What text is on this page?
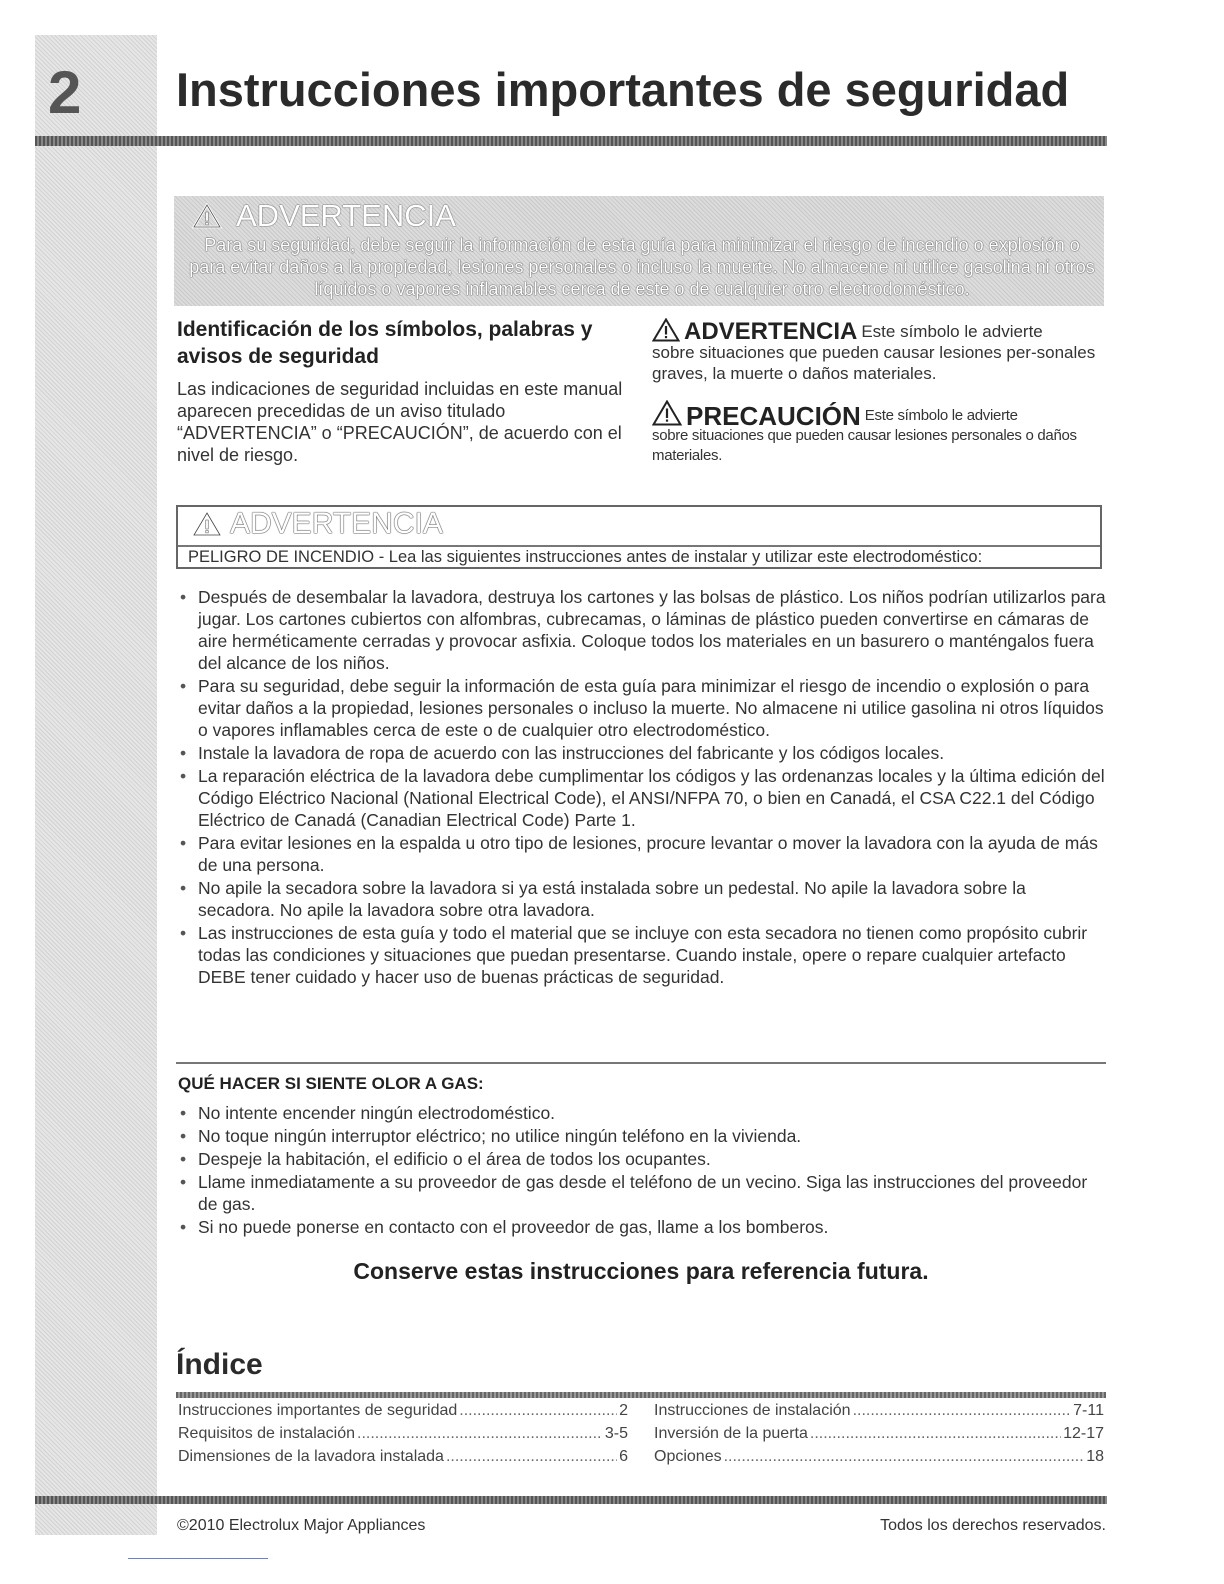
2 Instrucciones importantes de seguridad
ADVERTENCIA
Para su seguridad, debe seguir la información de esta guía para minimizar el riesgo de incendio o explosión o para evitar daños a la propiedad, lesiones personales o incluso la muerte. No almacene ni utilice gasolina ni otros líquidos o vapores inflamables cerca de este o de cualquier otro electrodoméstico.
Identificación de los símbolos, palabras y avisos de seguridad

Las indicaciones de seguridad incluidas en este manual aparecen precedidas de un aviso titulado “ADVERTENCIA” o “PRECAUCIÓN”, de acuerdo con el nivel de riesgo.

ADVERTENCIA Este símbolo le advierte
sobre situaciones que pueden causar lesiones per-sonales graves, la muerte o daños materiales.
PRECAUCIÓN Este símbolo le advierte
sobre situaciones que pueden causar lesiones personales o daños materiales.
ADVERTENCIA
PELIGRO DE INCENDIO - Lea las siguientes instrucciones antes de instalar y utilizar este electrodoméstico:
• Después de desembalar la lavadora, destruya los cartones y las bolsas de plástico. Los niños podrían utilizarlos para jugar. Los cartones cubiertos con alfombras, cubrecamas, o láminas de plástico pueden convertirse en cámaras de aire herméticamente cerradas y provocar asfixia. Coloque todos los materiales en un basurero o manténgalos fuera del alcance de los niños.
• Para su seguridad, debe seguir la información de esta guía para minimizar el riesgo de incendio o explosión o para evitar daños a la propiedad, lesiones personales o incluso la muerte. No almacene ni utilice gasolina ni otros líquidos o vapores inflamables cerca de este o de cualquier otro electrodoméstico.
• Instale la lavadora de ropa de acuerdo con las instrucciones del fabricante y los códigos locales.
• La reparación eléctrica de la lavadora debe cumplimentar los códigos y las ordenanzas locales y la última edición del Código Eléctrico Nacional (National Electrical Code), el ANSI/NFPA 70, o bien en Canadá, el CSA C22.1 del Código Eléctrico de Canadá (Canadian Electrical Code) Parte 1.
• Para evitar lesiones en la espalda u otro tipo de lesiones, procure levantar o mover la lavadora con la ayuda de más de una persona.
• No apile la secadora sobre la lavadora si ya está instalada sobre un pedestal. No apile la lavadora sobre la secadora. No apile la lavadora sobre otra lavadora.
• Las instrucciones de esta guía y todo el material que se incluye con esta secadora no tienen como propósito cubrir todas las condiciones y situaciones que puedan presentarse. Cuando instale, opere o repare cualquier artefacto DEBE tener cuidado y hacer uso de buenas prácticas de seguridad.
QUÉ HACER SI SIENTE OLOR A GAS:
• No intente encender ningún electrodoméstico.
• No toque ningún interruptor eléctrico; no utilice ningún teléfono en la vivienda.
• Despeje la habitación, el edificio o el área de todos los ocupantes.
• Llame inmediatamente a su proveedor de gas desde el teléfono de un vecino. Siga las instrucciones del proveedor de gas.
• Si no puede ponerse en contacto con el proveedor de gas, llame a los bomberos.
Conserve estas instrucciones para referencia futura.
Índice
Instrucciones importantes de seguridad .....	2
Requisitos de instalación .....	3-5
Dimensiones de la lavadora instalada .....	6
Instrucciones de instalación .....	7-11
Inversión de la puerta .....	12-17
Opciones .....	18
©2010 Electrolux Major Appliances	Todos los derechos reservados.
